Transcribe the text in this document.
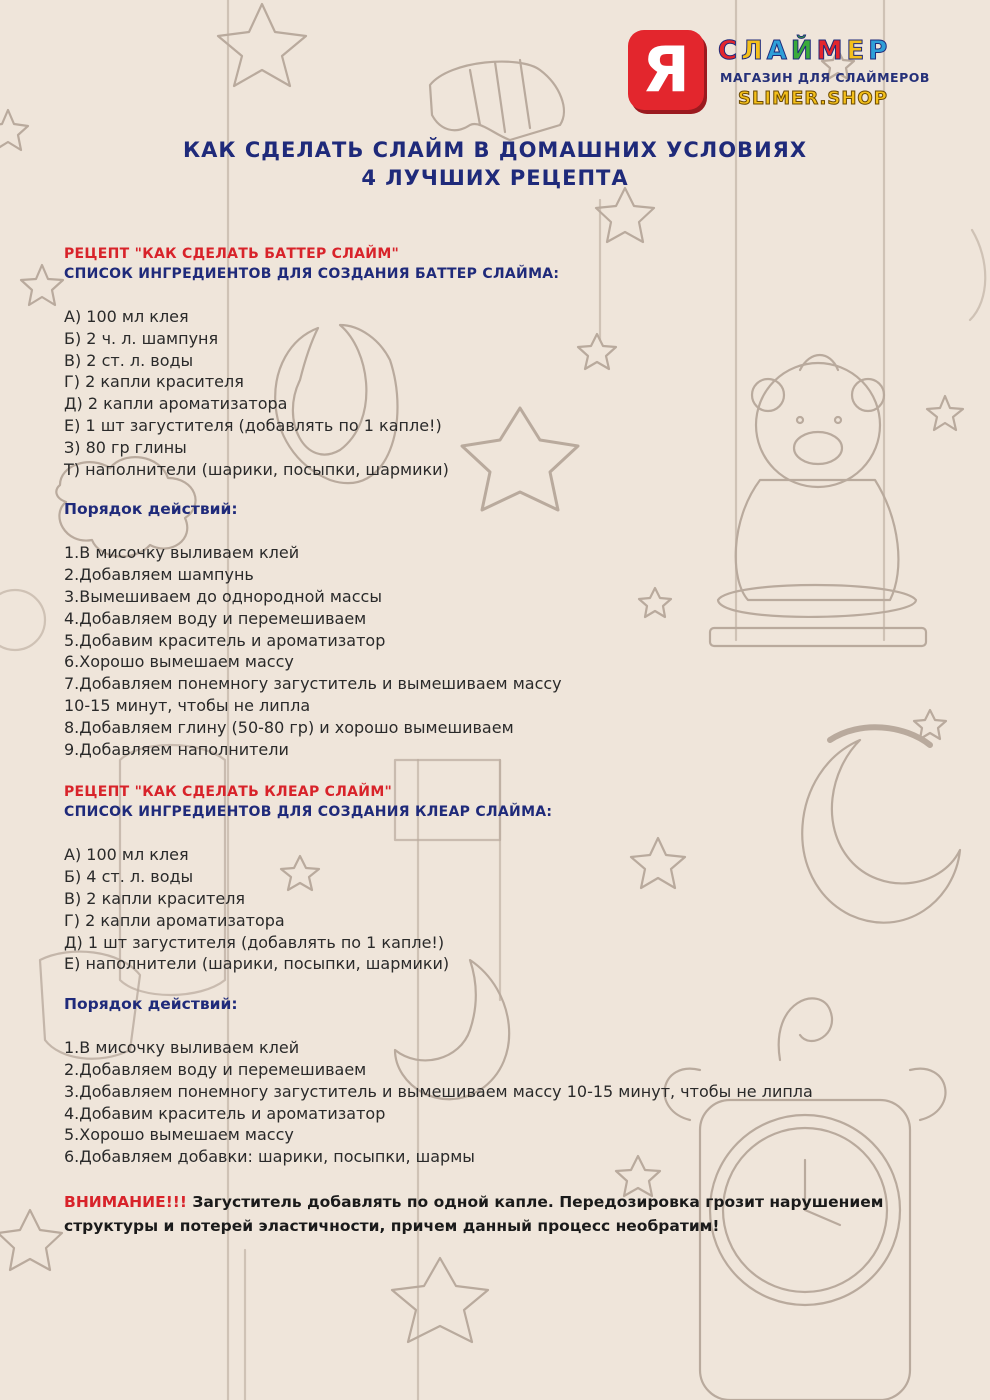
Я	СЛАЙМЕР
МАГАЗИН ДЛЯ СЛАЙМЕРОВ
SLIMER.SHOP
КАК СДЕЛАТЬ СЛАЙМ В ДОМАШНИХ УСЛОВИЯХ
4 ЛУЧШИХ РЕЦЕПТА
РЕЦЕПТ "КАК СДЕЛАТЬ БАТТЕР СЛАЙМ"
СПИСОК ИНГРЕДИЕНТОВ ДЛЯ СОЗДАНИЯ БАТТЕР СЛАЙМА:
А) 100 мл клея
Б) 2 ч. л. шампуня
В) 2 ст. л. воды
Г) 2 капли красителя
Д) 2 капли ароматизатора
Е) 1 шт загустителя (добавлять по 1 капле!)
З) 80 гр глины
Т) наполнители (шарики, посыпки, шармики)
Порядок действий:
1.В мисочку выливаем клей
2.Добавляем шампунь
3.Вымешиваем до однородной массы
4.Добавляем воду и перемешиваем
5.Добавим краситель и ароматизатор
6.Хорошо вымешаем массу
7.Добавляем понемногу загуститель и вымешиваем массу
10-15 минут, чтобы не липла
8.Добавляем глину (50-80 гр) и хорошо вымешиваем
9.Добавляем наполнители
РЕЦЕПТ "КАК СДЕЛАТЬ КЛЕАР СЛАЙМ"
СПИСОК ИНГРЕДИЕНТОВ ДЛЯ СОЗДАНИЯ КЛЕАР СЛАЙМА:
А) 100 мл клея
Б) 4 ст. л. воды
В) 2 капли красителя
Г) 2 капли ароматизатора
Д) 1 шт загустителя (добавлять по 1 капле!)
Е) наполнители (шарики, посыпки, шармики)
Порядок действий:
1.В мисочку выливаем клей
2.Добавляем воду и перемешиваем
3.Добавляем понемногу загуститель и вымешиваем массу 10-15 минут, чтобы не липла
4.Добавим краситель и ароматизатор
5.Хорошо вымешаем массу
6.Добавляем добавки: шарики, посыпки, шармы
ВНИМАНИЕ!!! Загуститель добавлять по одной капле. Передозировка грозит нарушением структуры и потерей эластичности, причем данный процесс необратим!
